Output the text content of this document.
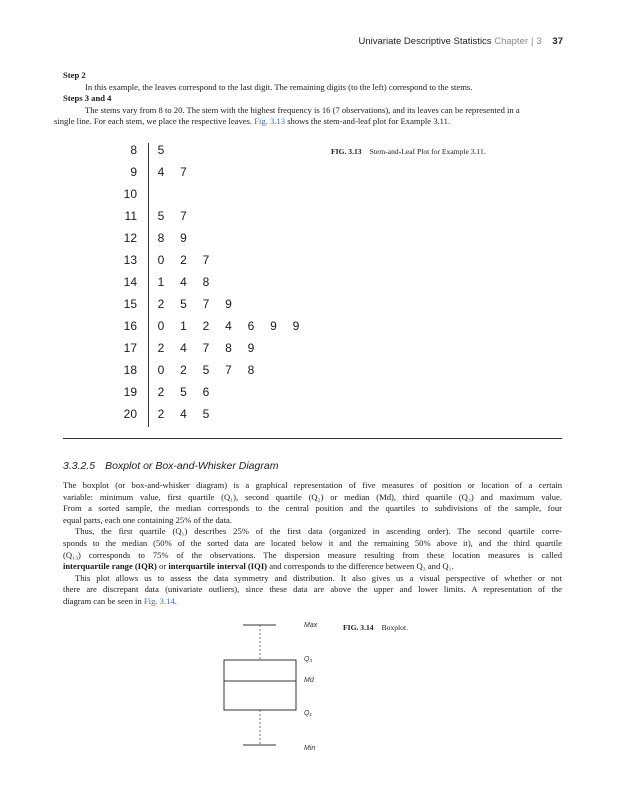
Univariate Descriptive Statistics Chapter | 3 37
Step 2
In this example, the leaves correspond to the last digit. The remaining digits (to the left) correspond to the stems.
Steps 3 and 4
The stems vary from 8 to 20. The stem with the highest frequency is 16 (7 observations), and its leaves can be represented in a
single line. For each stem, we place the respective leaves. Fig. 3.13 shows the stem-and-leaf plot for Example 3.11.
8 5
9 4 7
10
11 5 7
12 8 9
13 0 2 7
14 1 4 8
15 2 5 7 9
16 0 1 2 4 6 9 9
17 2 4 7 8 9
18 0 2 5 7 8
19 2 5 6
20 2 4 5
FIG. 3.13 Stem-and-Leaf Plot for Example 3.11.
3.3.2.5 Boxplot or Box-and-Whisker Diagram
The boxplot (or box-and-whisker diagram) is a graphical representation of five measures of position or location of a certain
variable: minimum value, first quartile (Q₁), second quartile (Q₂) or median (Md), third quartile (Q₃) and maximum value.
From a sorted sample, the median corresponds to the central position and the quartiles to subdivisions of the sample, four
equal parts, each one containing 25% of the data.
Thus, the first quartile (Q₁) describes 25% of the first data (organized in ascending order). The second quartile corre-
sponds to the median (50% of the sorted data are located below it and the remaining 50% above it), and the third quartile
(Q₁₃) corresponds to 75% of the observations. The dispersion measure resulting from these location measures is called
interquartile range (IQR) or interquartile interval (IQI) and corresponds to the difference between Q₃ and Q₁.
This plot allows us to assess the data symmetry and distribution. It also gives us a visual perspective of whether or not
there are discrepant data (univariate outliers), since these data are above the upper and lower limits. A representation of the
diagram can be seen in Fig. 3.14.
Max
Q₃
Md
Q₁
Min
FIG. 3.14 Boxplot.
